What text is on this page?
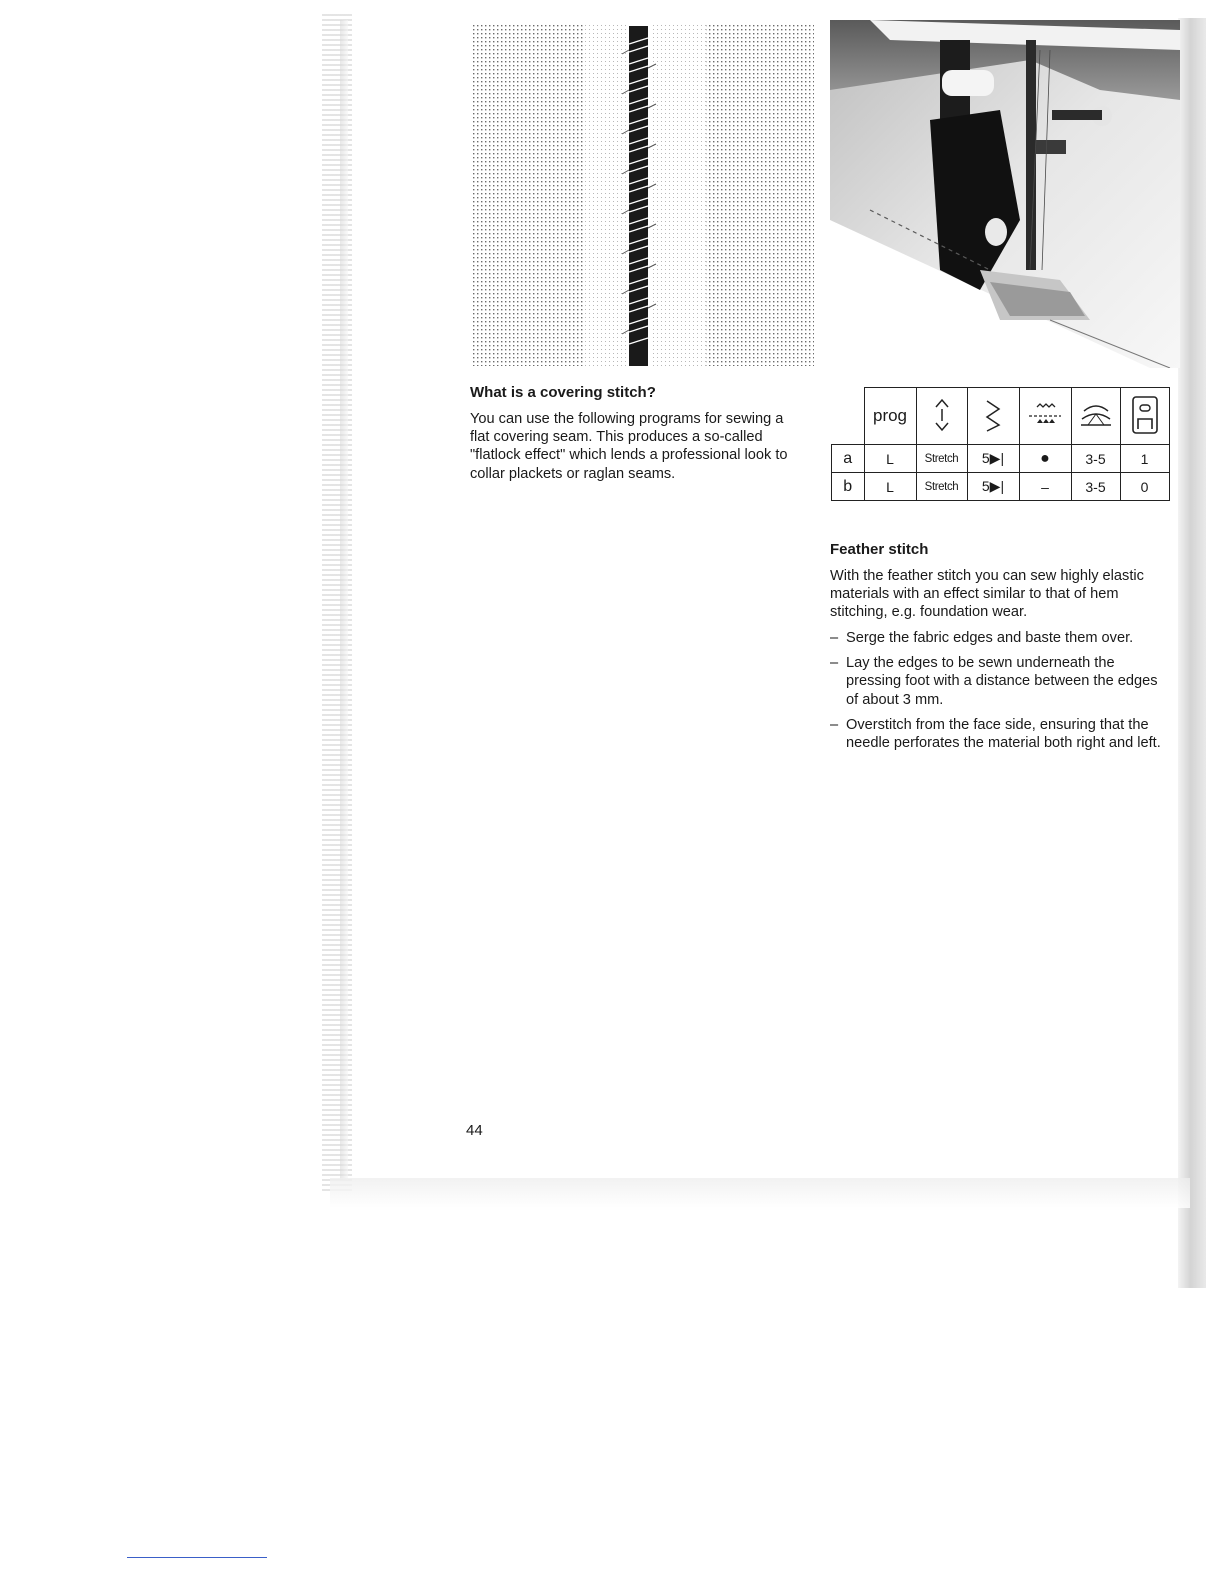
What is a covering stitch?

You can use the following programs for sewing a flat covering seam. This produces a so-called "flatlock effect" which lends a professional look to collar plackets or raglan seams.

	prog					
a	L	Stretch	5▶|	●	3-5	1
b	L	Stretch	5▶|	–	3-5	0
Feather stitch

With the feather stitch you can sew highly elastic materials with an effect similar to that of hem stitching, e.g. foundation wear.

– Serge the fabric edges and baste them over.
– Lay the edges to be sewn underneath the pressing foot with a distance between the edges of about 3 mm.
– Overstitch from the face side, ensuring that the needle perforates the material both right and left.
44
